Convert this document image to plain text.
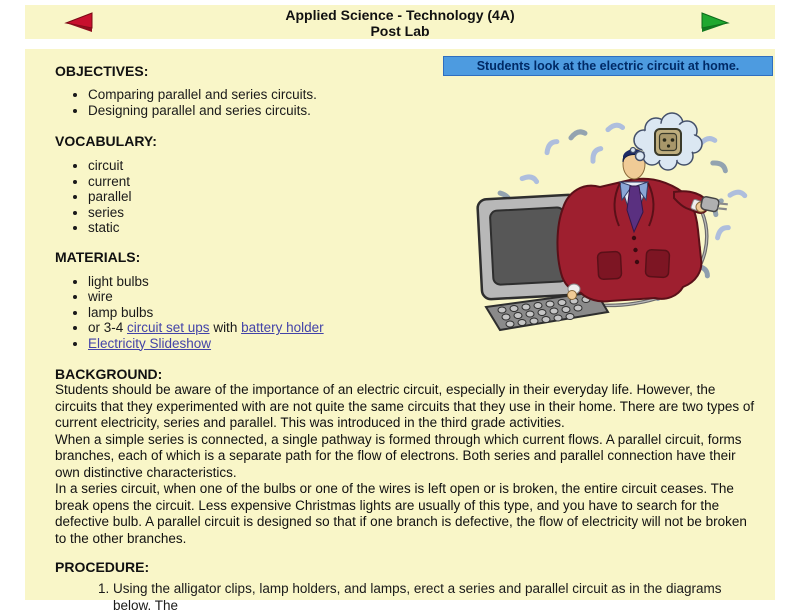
Applied Science - Technology (4A)
Post Lab
Students look at the electric circuit at home.
OBJECTIVES:
• Comparing parallel and series circuits.
• Designing parallel and series circuits.
VOCABULARY:
• circuit
• current
• parallel
• series
• static
MATERIALS:
• light bulbs
• wire
• lamp bulbs
• or 3-4 circuit set ups with battery holder
• Electricity Slideshow
BACKGROUND:

Students should be aware of the importance of an electric circuit, especially in their everyday life. However, the circuits that they experimented with are not quite the same circuits that they use in their home. There are two types of current electricity, series and parallel. This was introduced in the third grade activities.

When a simple series is connected, a single pathway is formed through which current flows. A parallel circuit, forms branches, each of which is a separate path for the flow of electrons. Both series and parallel connection have their own distinctive characteristics.

In a series circuit, when one of the bulbs or one of the wires is left open or is broken, the entire circuit ceases. The break opens the circuit. Less expensive Christmas lights are usually of this type, and you have to search for the defective bulb. A parallel circuit is designed so that if one branch is defective, the flow of electricity will not be broken to the other branches.

PROCEDURE:
1. Using the alligator clips, lamp holders, and lamps, erect a series and parallel circuit as in the diagrams below. The
